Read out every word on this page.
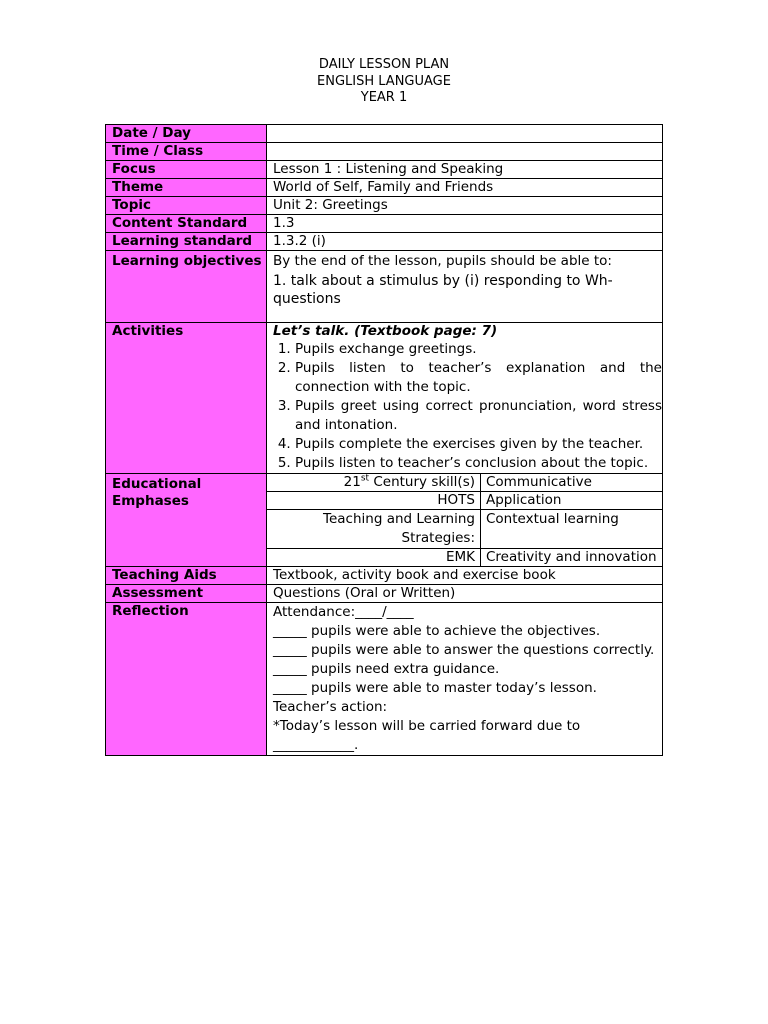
DAILY LESSON PLAN
ENGLISH LANGUAGE
YEAR 1
Date / Day	
Time / Class	
Focus	Lesson 1 : Listening and Speaking
Theme	World of Self, Family and Friends
Topic	Unit 2: Greetings
Content Standard	1.3
Learning standard	1.3.2 (i)
Learning objectives	By the end of the lesson, pupils should be able to:
1. talk about a stimulus by (i) responding to Wh-questions

Activities	Let’s talk. (Textbook page: 7)
1. Pupils exchange greetings.
2. Pupils listen to teacher’s explanation and the connection with the topic.
3. Pupils greet using correct pronunciation, word stress and intonation.
4. Pupils complete the exercises given by the teacher.
5. Pupils listen to teacher’s conclusion about the topic.

Educational Emphases	
21st Century skill(s)	Communicative
HOTS	Application
Teaching and Learning Strategies:	Contextual learning
EMK	Creativity and innovation

Teaching Aids	Textbook, activity book and exercise book
Assessment	Questions (Oral or Written)
Reflection	Attendance:____/____
_____ pupils were able to achieve the objectives.
_____ pupils were able to answer the questions correctly.
_____ pupils need extra guidance.
_____ pupils were able to master today’s lesson.
Teacher’s action:
*Today’s lesson will be carried forward due to ____________.
